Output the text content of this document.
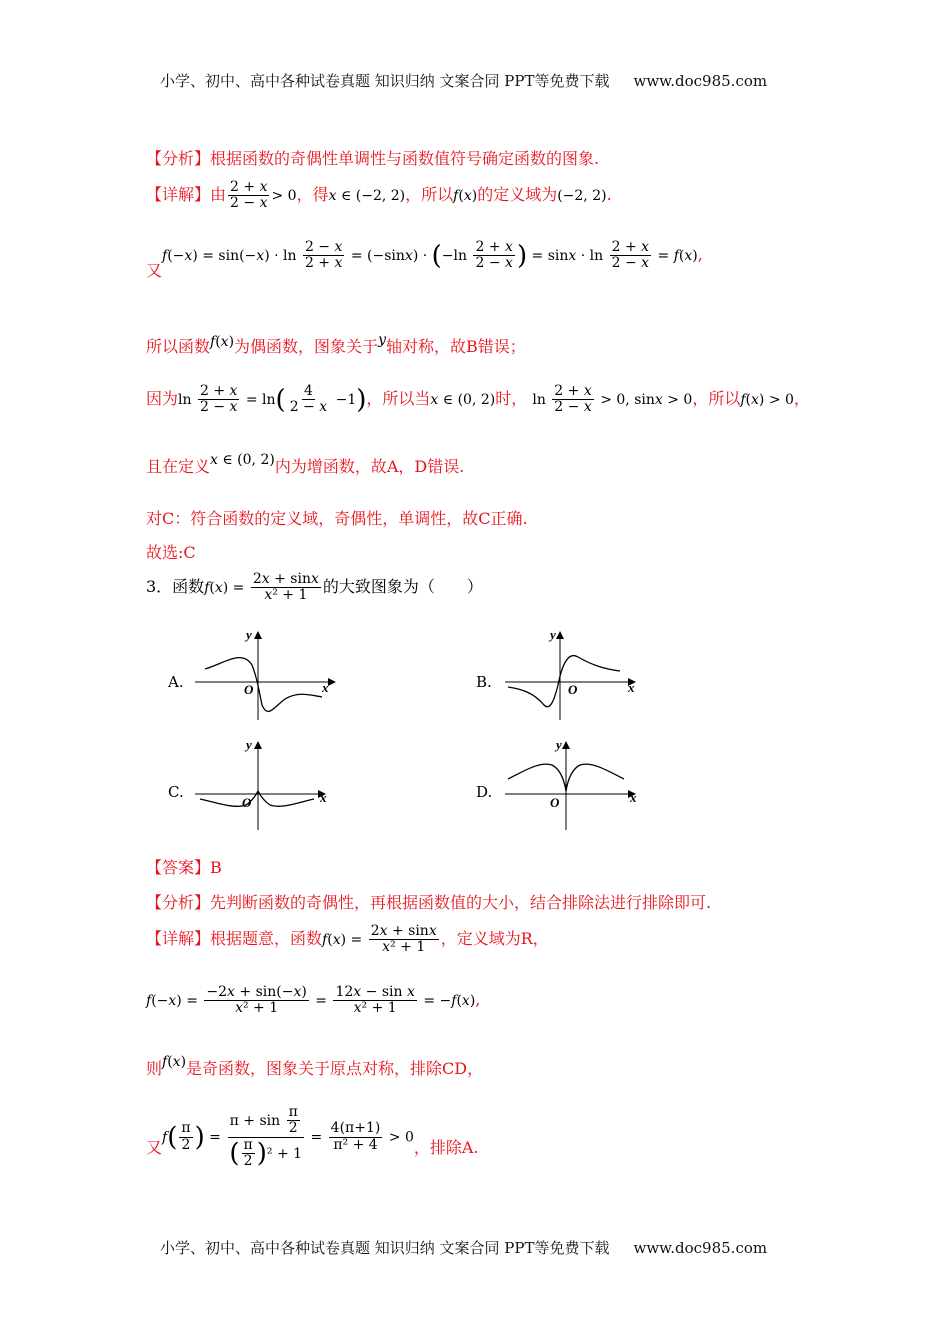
小学、初中、高中各种试卷真题 知识归纳 文案合同 PPT等免费下载 www.doc985.com
【分析】根据函数的奇偶性单调性与函数值符号确定函数的图象.
【详解】由 $\frac{2 + x}{2 - x} > 0$，得x ∈ (−2, 2)，所以f(x)的定义域为(−2, 2).
又$f(-x) = \sin(-x) \cdot \ln \frac{2 - x}{2 + x} = (-\sin x) \cdot (-\ln \frac{2 + x}{2 - x}$ ) = $\sin x \cdot \ln \frac{2 + x}{2 - x} = f(x)$,
所以函数f(x)为偶函数，图象关于y轴对称，故B错误；
因为$\ln \frac{2 + x}{2 - x} = \ln( \frac{4}{2 - x} -1)$，所以当x ∈ (0, 2)时， $\ln \frac{2 + x}{2 - x} > 0$, sinx > 0，所以f(x) > 0，
且在定义x ∈ (0, 2)内为增函数，故A，D错误.
对C：符合函数的定义域，奇偶性，单调性，故C正确.
故选:C
3．函数$f(x) = \frac{2x + \sin x}{\text{x² + 1}}$ 的大致图象为（　　）
A.	B.
C.	D.
y
x
O
y
x
O
y
x
O
y
x
O
【答案】B
【分析】先判断函数的奇偶性，再根据函数值的大小，结合排除法进行排除即可.
【详解】根据题意，函数$f(x) = \frac{2x + \sin x}{\text{x² + 1}}$ ，定义域为R，
$f(-x) = \frac{-2x + \sin(-x)}{\text{x² + 1}} = \frac{\text{12x − sin x}}{\text{x² + 1}} = -f(x)$,
则f(x)是奇函数，图象关于原点对称，排除CD，
又$f( \frac{\pi}{2}$ ) = $\frac{\pi + \sin \frac{\pi}{2}}{( \frac{\pi}{2} )^2 + 1} = \frac{4(\pi+1)}{\text{π² + 4}} > 0$，排除A.
小学、初中、高中各种试卷真题 知识归纳 文案合同 PPT等免费下载 www.doc985.com
